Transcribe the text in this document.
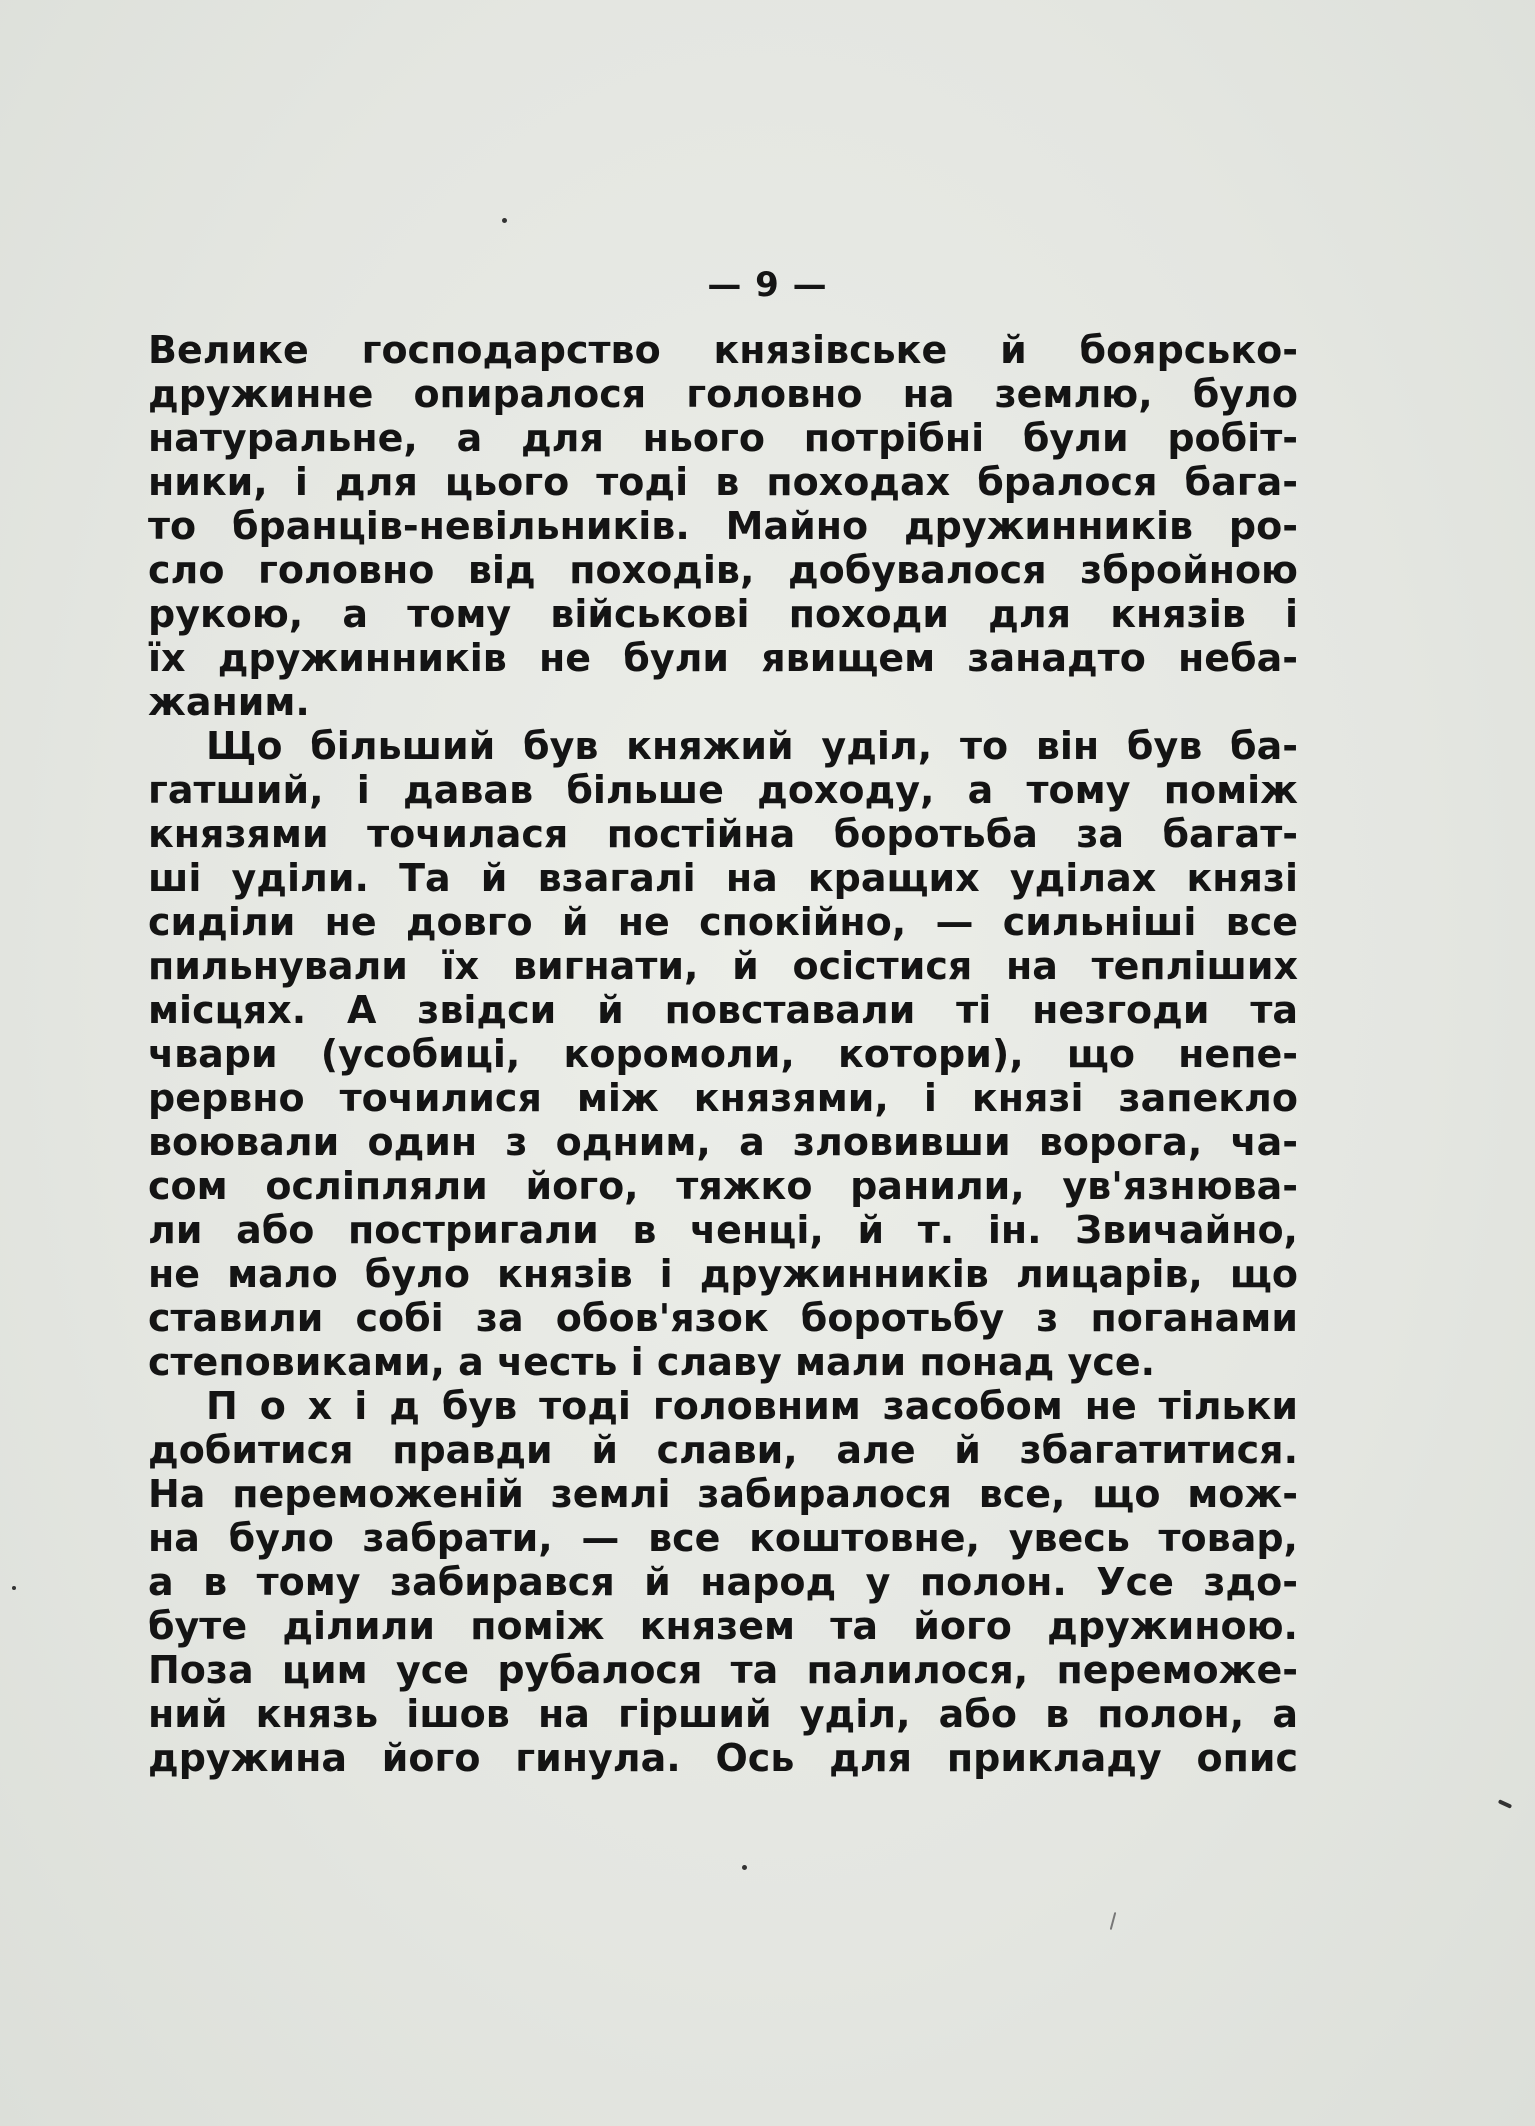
— 9 —
Велике господарство князівське й боярсько-
дружинне опиралося головно на землю, було
натуральне, а для нього потрібні були робіт-
ники, і для цього тоді в походах бралося бага-
то бранців-невільників. Майно дружинників ро-
сло головно від походів, добувалося збройною
рукою, а тому військові походи для князів і
їх дружинників не були явищем занадто неба-
жаним.
Що більший був княжий уділ, то він був ба-
гатший, і давав більше доходу, а тому поміж
князями точилася постійна боротьба за багат-
ші уділи. Та й взагалі на кращих уділах князі
сиділи не довго й не спокійно, — сильніші все
пильнували їх вигнати, й осістися на тепліших
місцях. А звідси й повставали ті незгоди та
чвари (усобиці, коромоли, котори), що непе-
рервно точилися між князями, і князі запекло
воювали один з одним, а зловивши ворога, ча-
сом осліпляли його, тяжко ранили, ув'язнюва-
ли або постригали в ченці, й т. ін. Звичайно,
не мало було князів і дружинників лицарів, що
ставили собі за обов'язок боротьбу з поганами
степовиками, а честь і славу мали понад усе.
П о х і д був тоді головним засобом не тільки
добитися правди й слави, але й збагатитися.
На переможеній землі забиралося все, що мож-
на було забрати, — все коштовне, увесь товар,
а в тому забирався й народ у полон. Усе здо-
буте ділили поміж князем та його дружиною.
Поза цим усе рубалося та палилося, переможе-
ний князь ішов на гірший уділ, або в полон, а
дружина його гинула. Ось для прикладу опис
